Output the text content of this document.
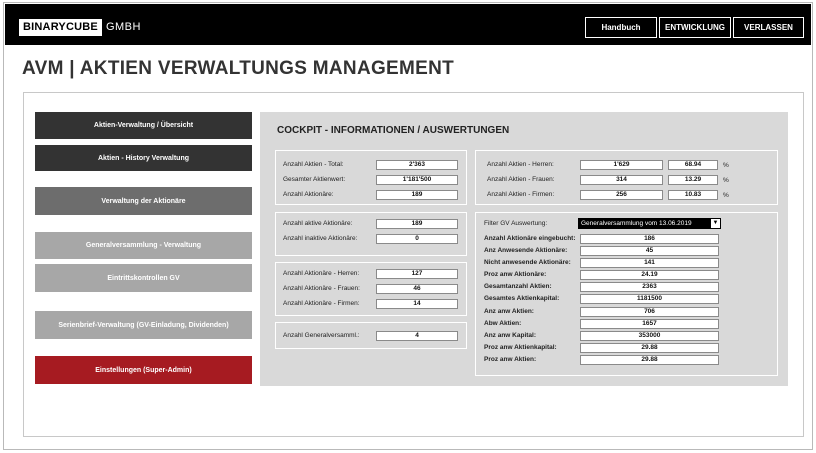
BINARYCUBE GMBH	Handbuch	ENTWICKLUNG	VERLASSEN
AVM | AKTIEN VERWALTUNGS MANAGEMENT
Aktien-Verwaltung / Übersicht
Aktien - History Verwaltung
Verwaltung der Aktionäre
Generalversammlung - Verwaltung
Eintrittskontrollen GV
Serienbrief-Verwaltung (GV-Einladung, Dividenden)
Einstellungen (Super-Admin)
COCKPIT - INFORMATIONEN / AUSWERTUNGEN
Anzahl Aktien - Total:	2'363
Gesamter Aktienwert:	1'181'500
Anzahl Aktionäre:	189
Anzahl aktive Aktionäre:	189
Anzahl inaktive Aktionäre:	0
Anzahl Aktionäre - Herren:	127
Anzahl Aktionäre - Frauen:	46
Anzahl Aktionäre - Firmen:	14
Anzahl Generalversamml.:	4
Anzahl Aktien - Herren:	1'629	68.94	%
Anzahl Aktien - Frauen:	314	13.29	%
Anzahl Aktien - Firmen:	256	10.83	%
Filter GV Auswertung:	Generalversammlung vom 13.06.2019	▼
Anzahl Aktionäre eingebucht:	186
Anz Anwesende Aktionäre:	45
Nicht anwesende Aktionäre:	141
Proz anw Aktionäre:	24.19
Gesamtanzahl Aktien:	2363
Gesamtes Aktienkapital:	1181500
Anz anw Aktien:	706
Abw Aktien:	1657
Anz anw Kapital:	353000
Proz anw Aktienkapital:	29.88
Proz anw Aktien:	29.88
